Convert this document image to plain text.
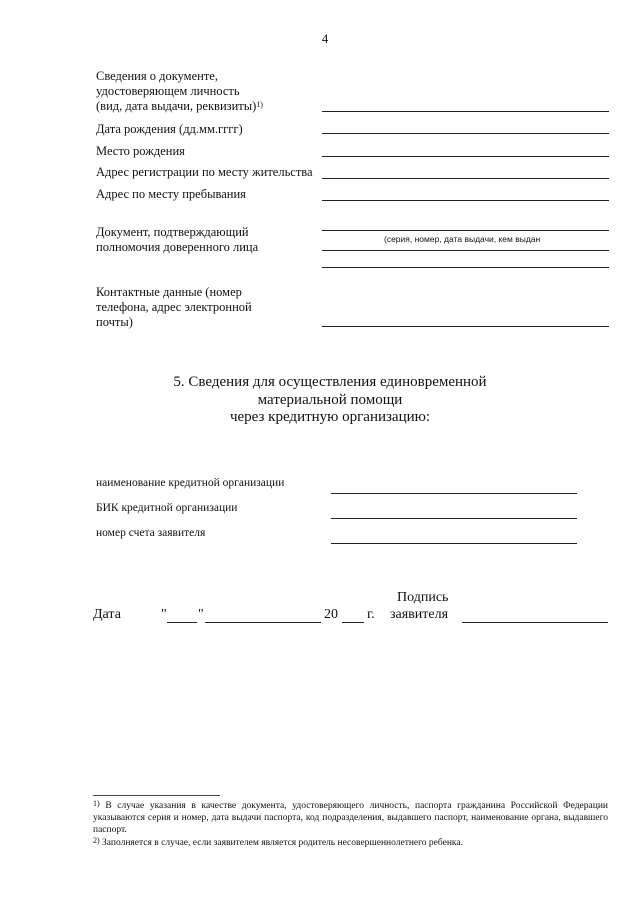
4
Сведения о документе,
удостоверяющем личность
(вид, дата выдачи, реквизиты)$^{1)}$
Дата рождения (дд.мм.гггг)
Место рождения
Адрес регистрации по месту жительства
Адрес по месту пребывания
Документ, подтверждающий
полномочия доверенного лица
(серия, номер, дата выдачи, кем выдан
Контактные данные (номер
телефона, адрес электронной
почты)
5. Сведения для осуществления единовременной
материальной помощи
через кредитную организацию:
наименование кредитной организации
БИК кредитной организации
номер счета заявителя
Дата	" "	20 г.
Подпись
заявителя
$^{1)}$ В случае указания в качестве документа, удостоверяющего личность, паспорта гражданина Российской Федерации указываются серия и номер, дата выдачи паспорта, код подразделения, выдавшего паспорт, наименование органа, выдавшего паспорт.
$^{2)}$ Заполняется в случае, если заявителем является родитель несовершеннолетнего ребенка.
